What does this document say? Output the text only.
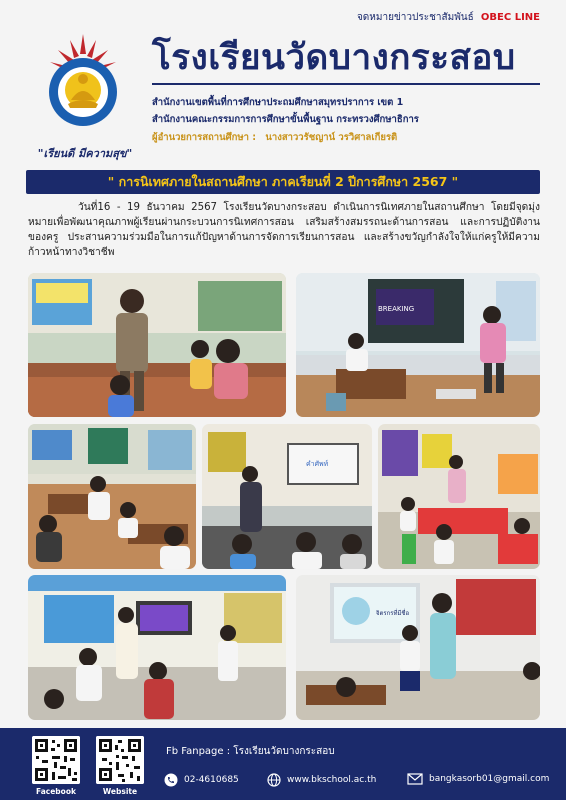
จดหมายข่าวประชาสัมพันธ์ OBEC LINE
"เรียนดี มีความสุข"
โรงเรียนวัดบางกระสอบ
สำนักงานเขตพื้นที่การศึกษาประถมศึกษาสมุทรปราการ เขต 1
สำนักงานคณะกรรมการการศึกษาขั้นพื้นฐาน กระทรวงศึกษาธิการ
ผู้อำนวยการสถานศึกษา : นางสาววรัชญาน์ วรวิศาลเกียรติ
" การนิเทศภายในสถานศึกษา ภาคเรียนที่ 2 ปีการศึกษา 2567 "
วันที่16 - 19 ธันวาคม 2567 โรงเรียนวัดบางกระสอบ ดำเนินการนิเทศภายในสถานศึกษา โดยมีจุดมุ่งหมายเพื่อพัฒนาคุณภาพผู้เรียนผ่านกระบวนการนิเทศการสอน เสริมสร้างสมรรถนะด้านการสอน และการปฏิบัติงานของครู ประสานความร่วมมือในการแก้ปัญหาด้านการจัดการเรียนการสอน และสร้างขวัญกำลังใจให้แก่ครูให้มีความก้าวหน้าทางวิชาชีพ
BREAKING
คำศัพท์
จิตรกรที่มีชื่อ
Facebook	Website
Fb Fanpage : โรงเรียนวัดบางกระสอบ
02-4610685	www.bkschool.ac.th	bangkasorb01@gmail.com
